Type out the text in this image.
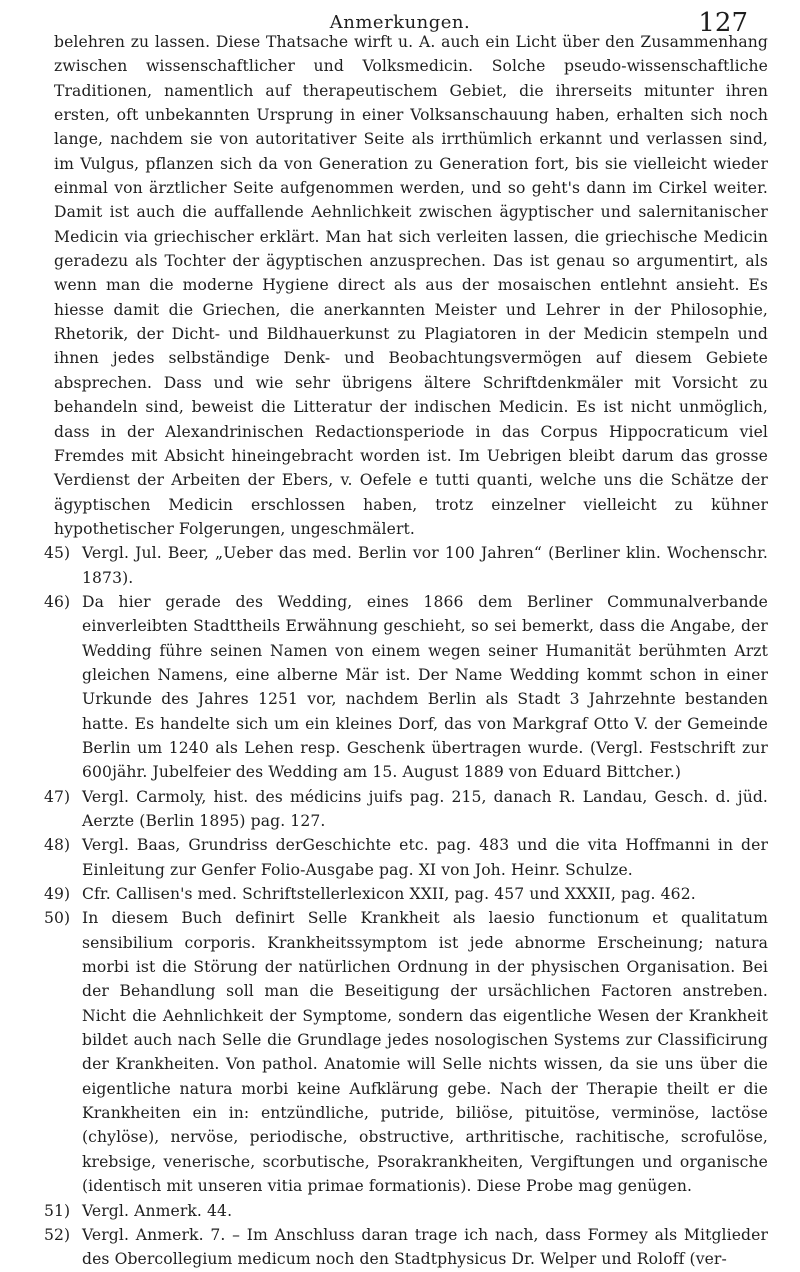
Anmerkungen.	127

belehren zu lassen. Diese Thatsache wirft u. A. auch ein Licht über den Zusammenhang zwischen wissenschaftlicher und Volksmedicin. Solche pseudo-wissenschaftliche Traditionen, namentlich auf therapeutischem Gebiet, die ihrerseits mitunter ihren ersten, oft unbekannten Ursprung in einer Volksanschauung haben, erhalten sich noch lange, nachdem sie von autoritativer Seite als irrthümlich erkannt und verlassen sind, im Vulgus, pflanzen sich da von Generation zu Generation fort, bis sie vielleicht wieder einmal von ärztlicher Seite aufgenommen werden, und so geht's dann im Cirkel weiter. Damit ist auch die auffallende Aehnlichkeit zwischen ägyptischer und salernitanischer Medicin via griechischer erklärt. Man hat sich verleiten lassen, die griechische Medicin geradezu als Tochter der ägyptischen anzusprechen. Das ist genau so argumentirt, als wenn man die moderne Hygiene direct als aus der mosaischen entlehnt ansieht. Es hiesse damit die Griechen, die anerkannten Meister und Lehrer in der Philosophie, Rhetorik, der Dicht- und Bildhauerkunst zu Plagiatoren in der Medicin stempeln und ihnen jedes selbständige Denk- und Beobachtungsvermögen auf diesem Gebiete absprechen. Dass und wie sehr übrigens ältere Schriftdenkmäler mit Vorsicht zu behandeln sind, beweist die Litteratur der indischen Medicin. Es ist nicht unmöglich, dass in der Alexandrinischen Redactionsperiode in das Corpus Hippocraticum viel Fremdes mit Absicht hineingebracht worden ist. Im Uebrigen bleibt darum das grosse Verdienst der Arbeiten der Ebers, v. Oefele e tutti quanti, welche uns die Schätze der ägyptischen Medicin erschlossen haben, trotz einzelner vielleicht zu kühner hypothetischer Folgerungen, ungeschmälert.

45) Vergl. Jul. Beer, „Ueber das med. Berlin vor 100 Jahren“ (Berliner klin. Wochenschr. 1873).

46) Da hier gerade des Wedding, eines 1866 dem Berliner Communalverbande einverleibten Stadttheils Erwähnung geschieht, so sei bemerkt, dass die Angabe, der Wedding führe seinen Namen von einem wegen seiner Humanität berühmten Arzt gleichen Namens, eine alberne Mär ist. Der Name Wedding kommt schon in einer Urkunde des Jahres 1251 vor, nachdem Berlin als Stadt 3 Jahrzehnte bestanden hatte. Es handelte sich um ein kleines Dorf, das von Markgraf Otto V. der Gemeinde Berlin um 1240 als Lehen resp. Geschenk übertragen wurde. (Vergl. Festschrift zur 600jähr. Jubelfeier des Wedding am 15. August 1889 von Eduard Bittcher.)

47) Vergl. Carmoly, hist. des médicins juifs pag. 215, danach R. Landau, Gesch. d. jüd. Aerzte (Berlin 1895) pag. 127.

48) Vergl. Baas, Grundriss derGeschichte etc. pag. 483 und die vita Hoffmanni in der Einleitung zur Genfer Folio-Ausgabe pag. XI von Joh. Heinr. Schulze.

49) Cfr. Callisen's med. Schriftstellerlexicon XXII, pag. 457 und XXXII, pag. 462.

50) In diesem Buch definirt Selle Krankheit als laesio functionum et qualitatum sensibilium corporis. Krankheitssymptom ist jede abnorme Erscheinung; natura morbi ist die Störung der natürlichen Ordnung in der physischen Organisation. Bei der Behandlung soll man die Beseitigung der ursächlichen Factoren anstreben. Nicht die Aehnlichkeit der Symptome, sondern das eigentliche Wesen der Krankheit bildet auch nach Selle die Grundlage jedes nosologischen Systems zur Classificirung der Krankheiten. Von pathol. Anatomie will Selle nichts wissen, da sie uns über die eigentliche natura morbi keine Aufklärung gebe. Nach der Therapie theilt er die Krankheiten ein in: entzündliche, putride, biliöse, pituitöse, verminöse, lactöse (chylöse), nervöse, periodische, obstructive, arthritische, rachitische, scrofulöse, krebsige, venerische, scorbutische, Psorakrankheiten, Vergiftungen und organische (identisch mit unseren vitia primae formationis). Diese Probe mag genügen.

51) Vergl. Anmerk. 44.

52) Vergl. Anmerk. 7. – Im Anschluss daran trage ich nach, dass Formey als Mitglieder des Obercollegium medicum noch den Stadtphysicus Dr. Welper und Roloff (ver-
